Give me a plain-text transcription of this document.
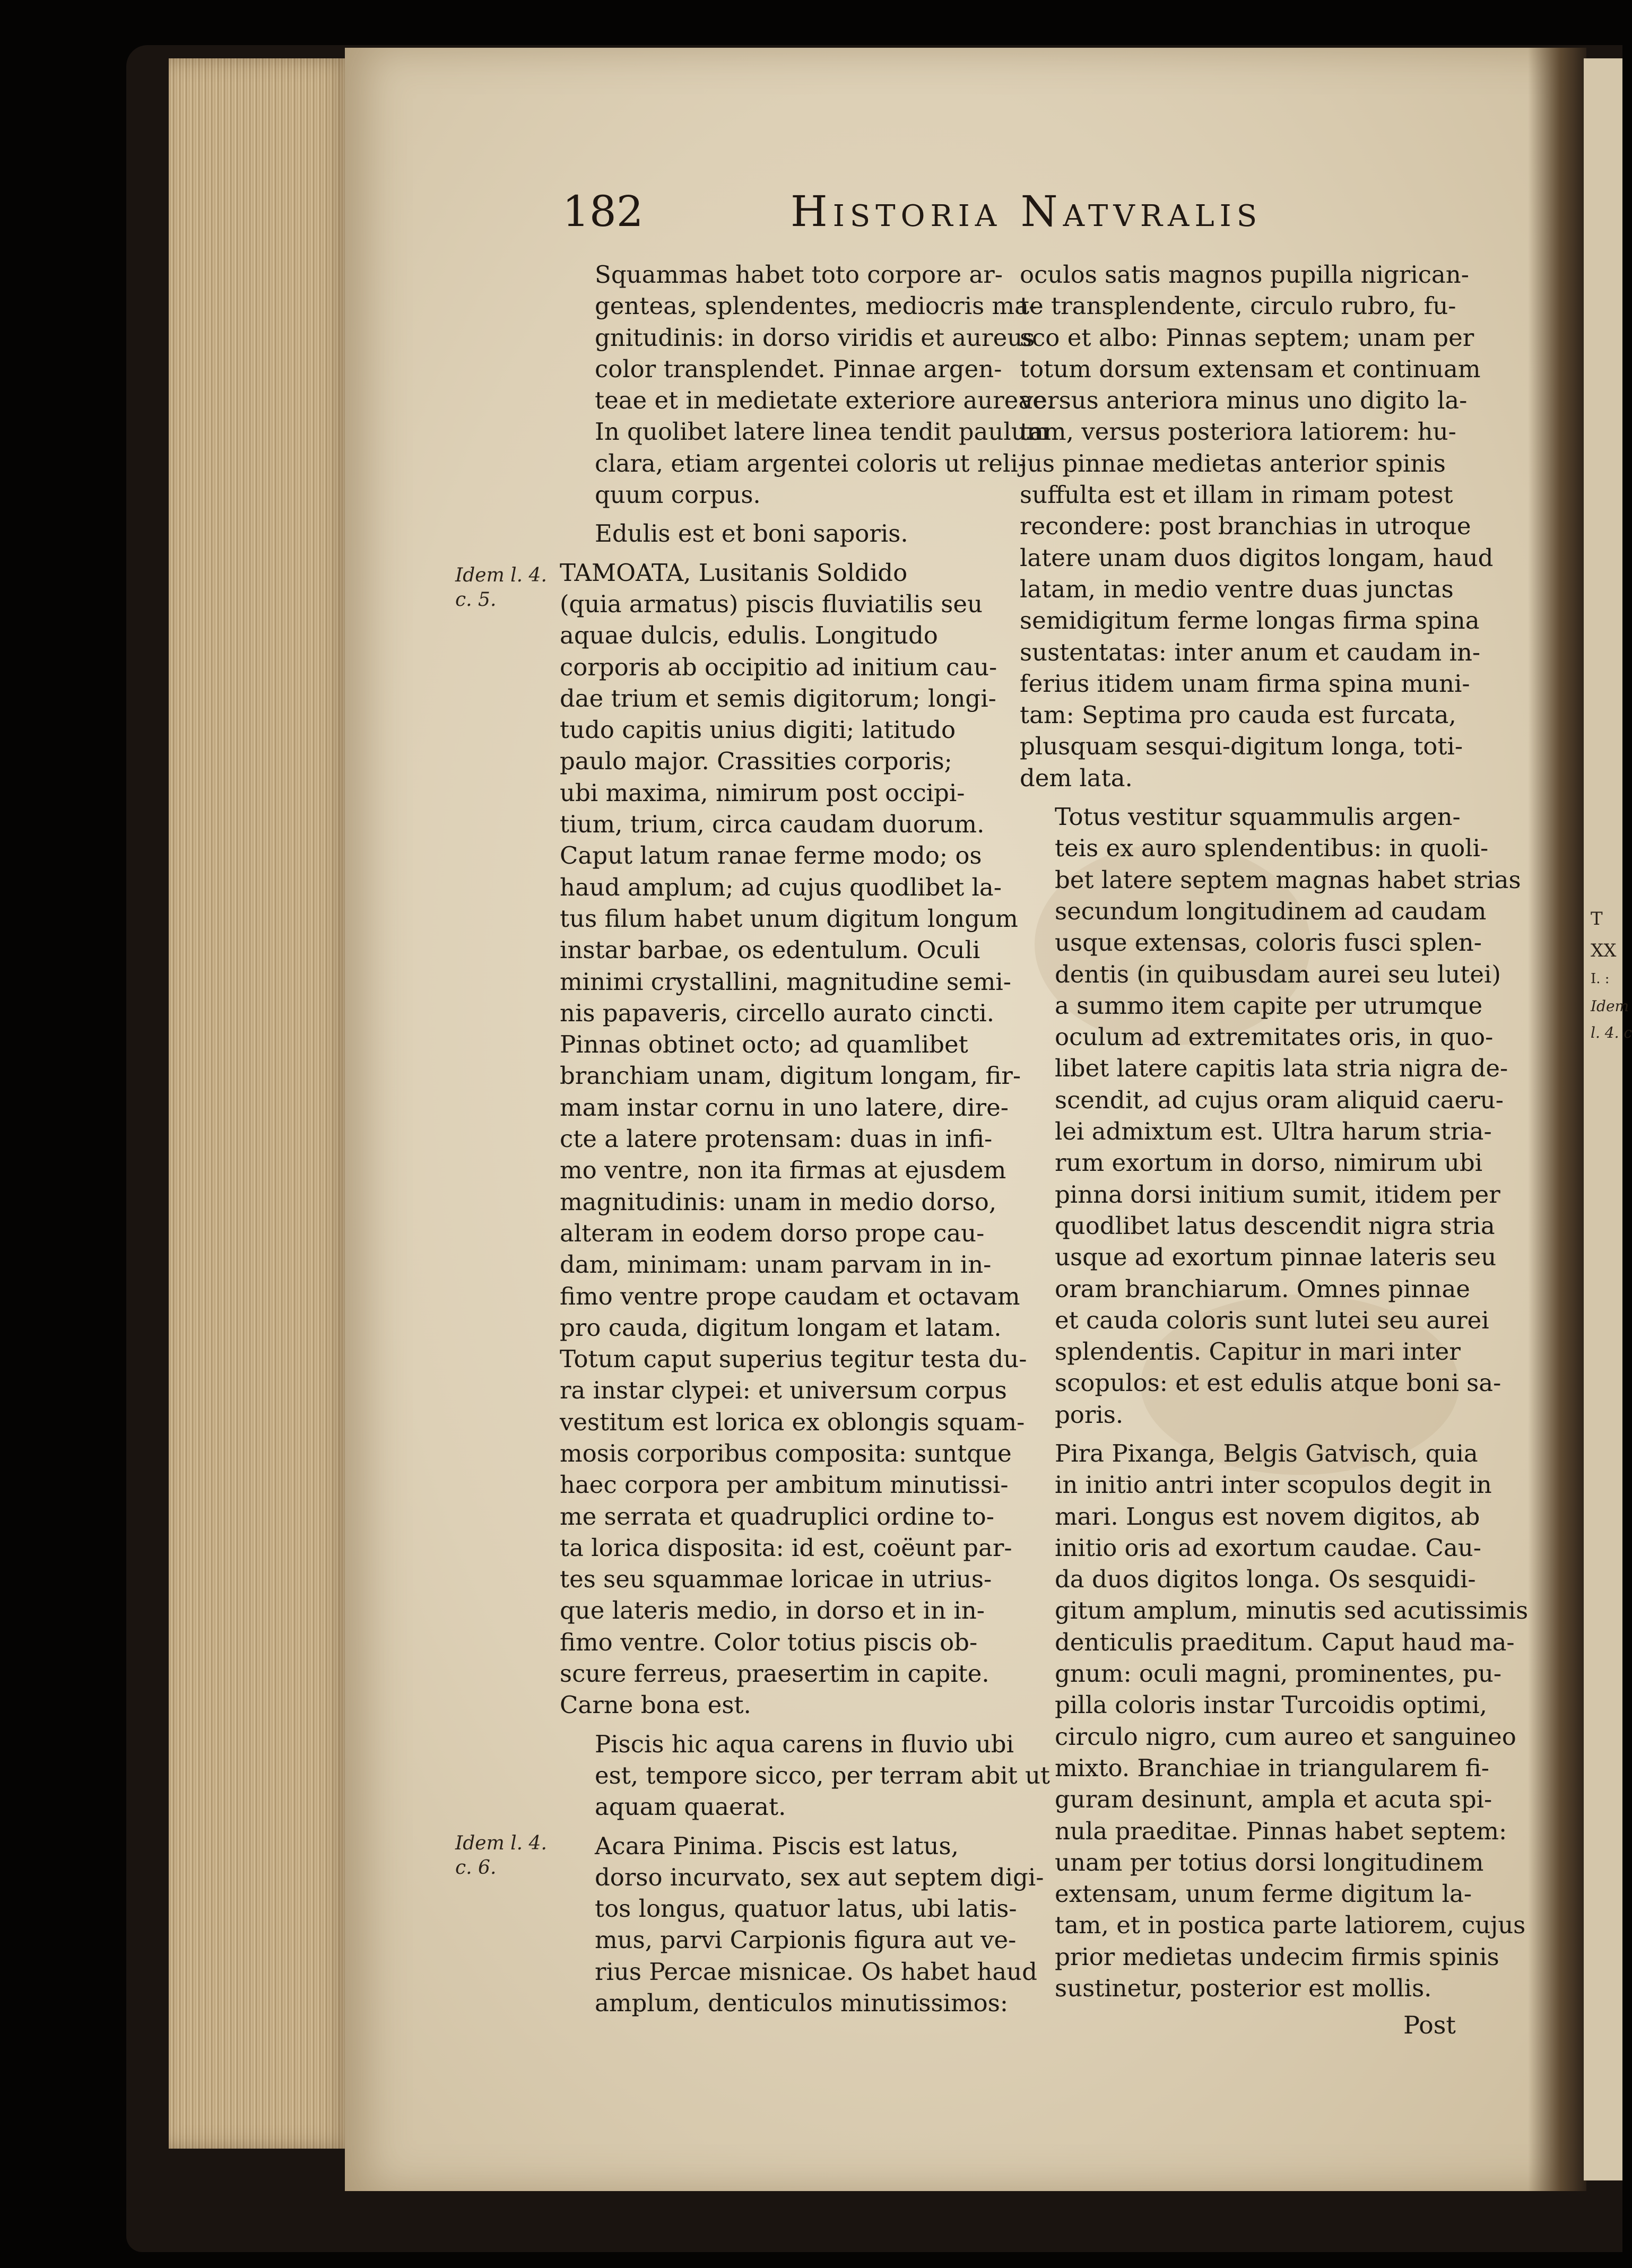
T
XX
I. :
Idem
l. 4. c
182	Historia Natvralis
Idem l. 4.
c. 5.
Idem l. 4.
c. 6.
Squammas habet toto corpore ar-
genteas, splendentes, mediocris ma-
gnitudinis: in dorso viridis et aureus
color transplendet. Pinnae argen-
teae et in medietate exteriore aureae.
In quolibet latere linea tendit paulum
clara, etiam argentei coloris ut reli-
quum corpus.
Edulis est et boni saporis.
TAMOATA, Lusitanis Soldido
(quia armatus) piscis fluviatilis seu
aquae dulcis, edulis. Longitudo
corporis ab occipitio ad initium cau-
dae trium et semis digitorum; longi-
tudo capitis unius digiti; latitudo
paulo major. Crassities corporis;
ubi maxima, nimirum post occipi-
tium, trium, circa caudam duorum.
Caput latum ranae ferme modo; os
haud amplum; ad cujus quodlibet la-
tus filum habet unum digitum longum
instar barbae, os edentulum. Oculi
minimi crystallini, magnitudine semi-
nis papaveris, circello aurato cincti.
Pinnas obtinet octo; ad quamlibet
branchiam unam, digitum longam, fir-
mam instar cornu in uno latere, dire-
cte a latere protensam: duas in infi-
mo ventre, non ita firmas at ejusdem
magnitudinis: unam in medio dorso,
alteram in eodem dorso prope cau-
dam, minimam: unam parvam in in-
fimo ventre prope caudam et octavam
pro cauda, digitum longam et latam.
Totum caput superius tegitur testa du-
ra instar clypei: et universum corpus
vestitum est lorica ex oblongis squam-
mosis corporibus composita: suntque
haec corpora per ambitum minutissi-
me serrata et quadruplici ordine to-
ta lorica disposita: id est, coëunt par-
tes seu squammae loricae in utrius-
que lateris medio, in dorso et in in-
fimo ventre. Color totius piscis ob-
scure ferreus, praesertim in capite.
Carne bona est.
Piscis hic aqua carens in fluvio ubi
est, tempore sicco, per terram abit ut
aquam quaerat.
Acara Pinima. Piscis est latus,
dorso incurvato, sex aut septem digi-
tos longus, quatuor latus, ubi latis-
mus, parvi Carpionis figura aut ve-
rius Percae misnicae. Os habet haud
amplum, denticulos minutissimos:
oculos satis magnos pupilla nigrican-
te transplendente, circulo rubro, fu-
sco et albo: Pinnas septem; unam per
totum dorsum extensam et continuam
versus anteriora minus uno digito la-
tam, versus posteriora latiorem: hu-
jus pinnae medietas anterior spinis
suffulta est et illam in rimam potest
recondere: post branchias in utroque
latere unam duos digitos longam, haud
latam, in medio ventre duas junctas
semidigitum ferme longas firma spina
sustentatas: inter anum et caudam in-
ferius itidem unam firma spina muni-
tam: Septima pro cauda est furcata,
plusquam sesqui-digitum longa, toti-
dem lata.
Totus vestitur squammulis argen-
teis ex auro splendentibus: in quoli-
bet latere septem magnas habet strias
secundum longitudinem ad caudam
usque extensas, coloris fusci splen-
dentis (in quibusdam aurei seu lutei)
a summo item capite per utrumque
oculum ad extremitates oris, in quo-
libet latere capitis lata stria nigra de-
scendit, ad cujus oram aliquid caeru-
lei admixtum est. Ultra harum stria-
rum exortum in dorso, nimirum ubi
pinna dorsi initium sumit, itidem per
quodlibet latus descendit nigra stria
usque ad exortum pinnae lateris seu
oram branchiarum. Omnes pinnae
et cauda coloris sunt lutei seu aurei
splendentis. Capitur in mari inter
scopulos: et est edulis atque boni sa-
poris.
Pira Pixanga, Belgis Gatvisch, quia
in initio antri inter scopulos degit in
mari. Longus est novem digitos, ab
initio oris ad exortum caudae. Cau-
da duos digitos longa. Os sesquidi-
gitum amplum, minutis sed acutissimis
denticulis praeditum. Caput haud ma-
gnum: oculi magni, prominentes, pu-
pilla coloris instar Turcoidis optimi,
circulo nigro, cum aureo et sanguineo
mixto. Branchiae in triangularem fi-
guram desinunt, ampla et acuta spi-
nula praeditae. Pinnas habet septem:
unam per totius dorsi longitudinem
extensam, unum ferme digitum la-
tam, et in postica parte latiorem, cujus
prior medietas undecim firmis spinis
sustinetur, posterior est mollis.
Post
